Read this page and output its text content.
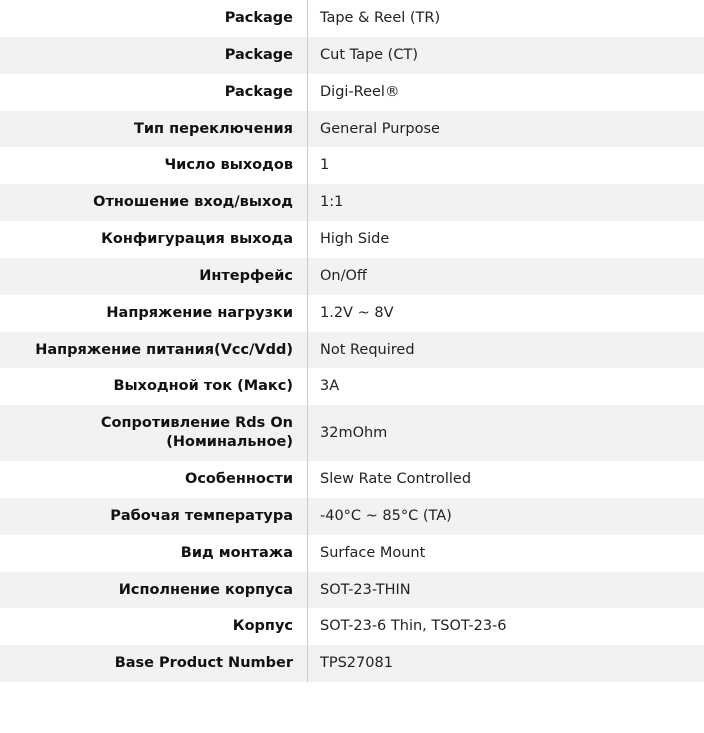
Package	Tape & Reel (TR)
Package	Cut Tape (CT)
Package	Digi-Reel®
Тип переключения	General Purpose
Число выходов	1
Отношение вход/выход	1:1
Конфигурация выхода	High Side
Интерфейс	On/Off
Напряжение нагрузки	1.2V ~ 8V
Напряжение питания(Vcc/Vdd)	Not Required
Выходной ток (Макс)	3A
Сопротивление Rds On (Номинальное)	32mOhm
Особенности	Slew Rate Controlled
Рабочая температура	-40°C ~ 85°C (TA)
Вид монтажа	Surface Mount
Исполнение корпуса	SOT-23-THIN
Корпус	SOT-23-6 Thin, TSOT-23-6
Base Product Number	TPS27081
